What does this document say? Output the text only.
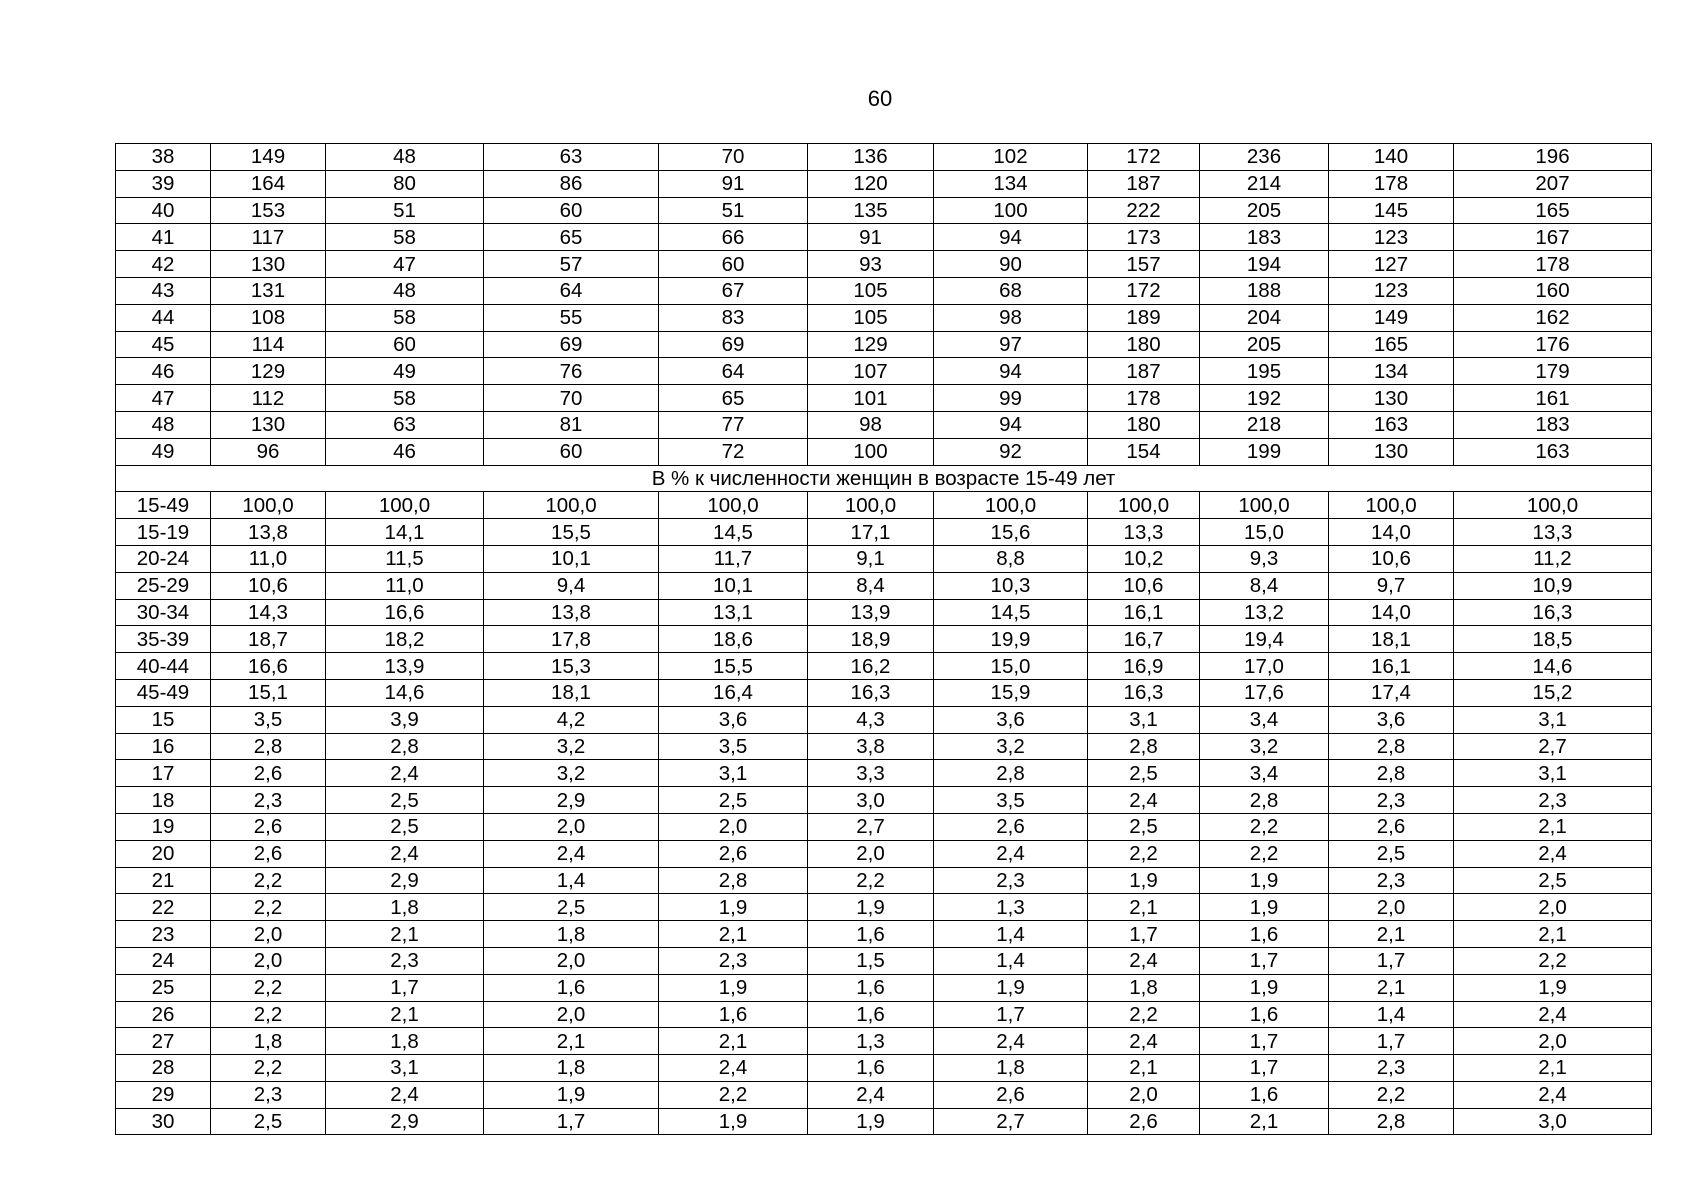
60
38	149	48	63	70	136	102	172	236	140	196
39	164	80	86	91	120	134	187	214	178	207
40	153	51	60	51	135	100	222	205	145	165
41	117	58	65	66	91	94	173	183	123	167
42	130	47	57	60	93	90	157	194	127	178
43	131	48	64	67	105	68	172	188	123	160
44	108	58	55	83	105	98	189	204	149	162
45	114	60	69	69	129	97	180	205	165	176
46	129	49	76	64	107	94	187	195	134	179
47	112	58	70	65	101	99	178	192	130	161
48	130	63	81	77	98	94	180	218	163	183
49	96	46	60	72	100	92	154	199	130	163
В % к численности женщин в возрасте 15-49 лет										
15-49	100,0	100,0	100,0	100,0	100,0	100,0	100,0	100,0	100,0	100,0
15-19	13,8	14,1	15,5	14,5	17,1	15,6	13,3	15,0	14,0	13,3
20-24	11,0	11,5	10,1	11,7	9,1	8,8	10,2	9,3	10,6	11,2
25-29	10,6	11,0	9,4	10,1	8,4	10,3	10,6	8,4	9,7	10,9
30-34	14,3	16,6	13,8	13,1	13,9	14,5	16,1	13,2	14,0	16,3
35-39	18,7	18,2	17,8	18,6	18,9	19,9	16,7	19,4	18,1	18,5
40-44	16,6	13,9	15,3	15,5	16,2	15,0	16,9	17,0	16,1	14,6
45-49	15,1	14,6	18,1	16,4	16,3	15,9	16,3	17,6	17,4	15,2
15	3,5	3,9	4,2	3,6	4,3	3,6	3,1	3,4	3,6	3,1
16	2,8	2,8	3,2	3,5	3,8	3,2	2,8	3,2	2,8	2,7
17	2,6	2,4	3,2	3,1	3,3	2,8	2,5	3,4	2,8	3,1
18	2,3	2,5	2,9	2,5	3,0	3,5	2,4	2,8	2,3	2,3
19	2,6	2,5	2,0	2,0	2,7	2,6	2,5	2,2	2,6	2,1
20	2,6	2,4	2,4	2,6	2,0	2,4	2,2	2,2	2,5	2,4
21	2,2	2,9	1,4	2,8	2,2	2,3	1,9	1,9	2,3	2,5
22	2,2	1,8	2,5	1,9	1,9	1,3	2,1	1,9	2,0	2,0
23	2,0	2,1	1,8	2,1	1,6	1,4	1,7	1,6	2,1	2,1
24	2,0	2,3	2,0	2,3	1,5	1,4	2,4	1,7	1,7	2,2
25	2,2	1,7	1,6	1,9	1,6	1,9	1,8	1,9	2,1	1,9
26	2,2	2,1	2,0	1,6	1,6	1,7	2,2	1,6	1,4	2,4
27	1,8	1,8	2,1	2,1	1,3	2,4	2,4	1,7	1,7	2,0
28	2,2	3,1	1,8	2,4	1,6	1,8	2,1	1,7	2,3	2,1
29	2,3	2,4	1,9	2,2	2,4	2,6	2,0	1,6	2,2	2,4
30	2,5	2,9	1,7	1,9	1,9	2,7	2,6	2,1	2,8	3,0
